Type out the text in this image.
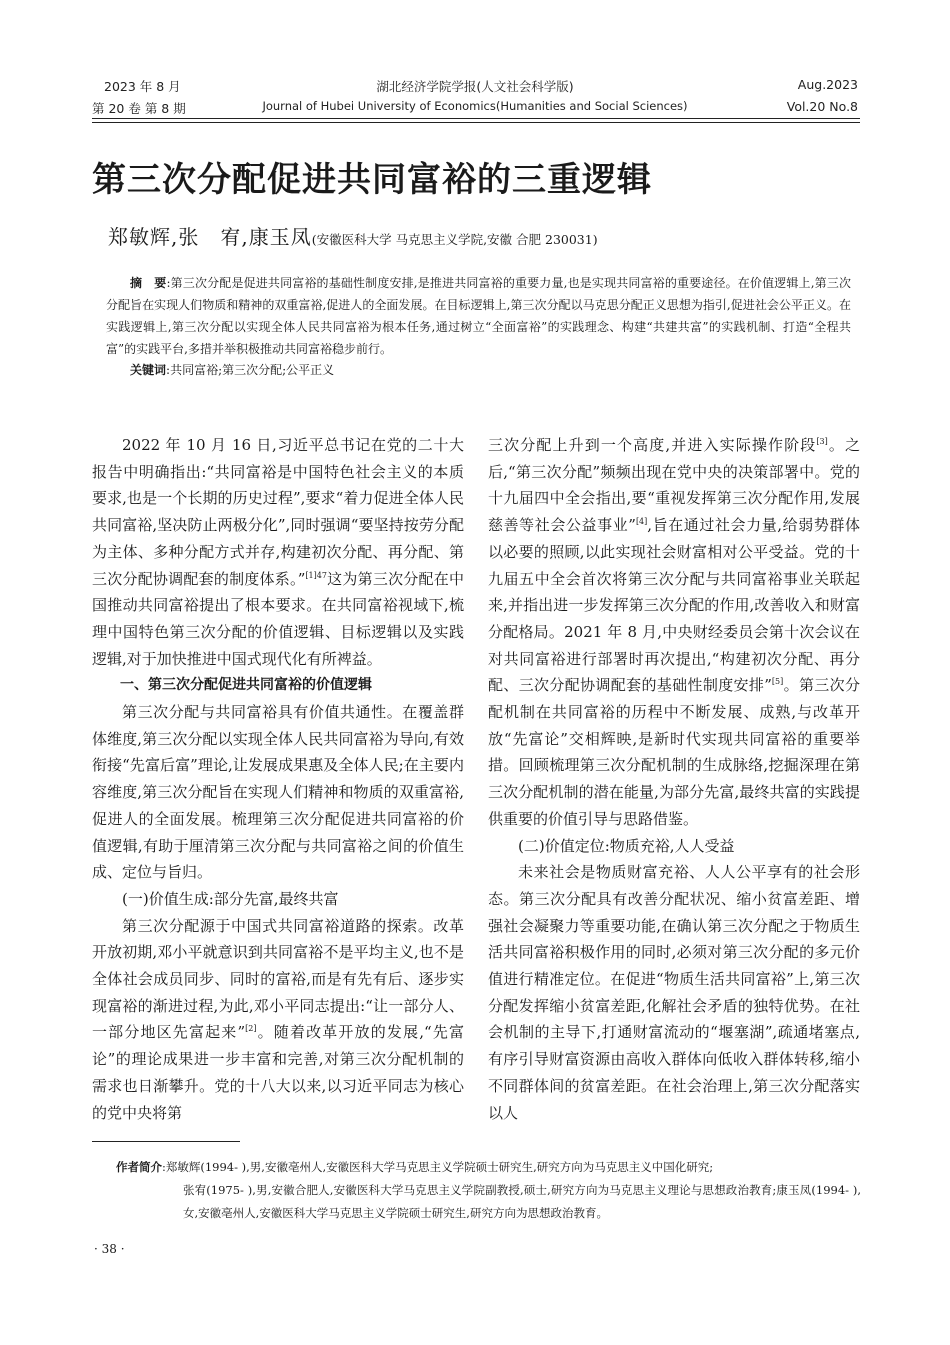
2023 年 8 月	湖北经济学院学报(人文社会科学版)	Aug.2023
第 20 卷 第 8 期	Journal of Hubei University of Economics(Humanities and Social Sciences)	Vol.20 No.8
第三次分配促进共同富裕的三重逻辑
郑敏辉,张　宥,康玉凤(安徽医科大学 马克思主义学院,安徽 合肥 230031)
摘　要:第三次分配是促进共同富裕的基础性制度安排,是推进共同富裕的重要力量,也是实现共同富裕的重要途径。在价值逻辑上,第三次分配旨在实现人们物质和精神的双重富裕,促进人的全面发展。在目标逻辑上,第三次分配以马克思分配正义思想为指引,促进社会公平正义。在实践逻辑上,第三次分配以实现全体人民共同富裕为根本任务,通过树立“全面富裕”的实践理念、构建“共建共富”的实践机制、打造“全程共富”的实践平台,多措并举积极推动共同富裕稳步前行。
关键词:共同富裕;第三次分配;公平正义

2022 年 10 月 16 日,习近平总书记在党的二十大报告中明确指出:“共同富裕是中国特色社会主义的本质要求,也是一个长期的历史过程”,要求“着力促进全体人民共同富裕,坚决防止两极分化”,同时强调“要坚持按劳分配为主体、多种分配方式并存,构建初次分配、再分配、第三次分配协调配套的制度体系。”$^{[1]47}$这为第三次分配在中国推动共同富裕提出了根本要求。在共同富裕视域下,梳理中国特色第三次分配的价值逻辑、目标逻辑以及实践逻辑,对于加快推进中国式现代化有所裨益。

一、第三次分配促进共同富裕的价值逻辑

第三次分配与共同富裕具有价值共通性。在覆盖群体维度,第三次分配以实现全体人民共同富裕为导向,有效衔接“先富后富”理论,让发展成果惠及全体人民;在主要内容维度,第三次分配旨在实现人们精神和物质的双重富裕,促进人的全面发展。梳理第三次分配促进共同富裕的价值逻辑,有助于厘清第三次分配与共同富裕之间的价值生成、定位与旨归。

(一)价值生成:部分先富,最终共富

第三次分配源于中国式共同富裕道路的探索。改革开放初期,邓小平就意识到共同富裕不是平均主义,也不是全体社会成员同步、同时的富裕,而是有先有后、逐步实现富裕的渐进过程,为此,邓小平同志提出:“让一部分人、一部分地区先富起来”[2]。随着改革开放的发展,“先富论”的理论成果进一步丰富和完善,对第三次分配机制的需求也日渐攀升。党的十八大以来,以习近平同志为核心的党中央将第

三次分配上升到一个高度,并进入实际操作阶段[3]。之后,“第三次分配”频频出现在党中央的决策部署中。党的十九届四中全会指出,要“重视发挥第三次分配作用,发展慈善等社会公益事业”[4],旨在通过社会力量,给弱势群体以必要的照顾,以此实现社会财富相对公平受益。党的十九届五中全会首次将第三次分配与共同富裕事业关联起来,并指出进一步发挥第三次分配的作用,改善收入和财富分配格局。2021 年 8 月,中央财经委员会第十次会议在对共同富裕进行部署时再次提出,“构建初次分配、再分配、三次分配协调配套的基础性制度安排”[5]。第三次分配机制在共同富裕的历程中不断发展、成熟,与改革开放“先富论”交相辉映,是新时代实现共同富裕的重要举措。回顾梳理第三次分配机制的生成脉络,挖掘深理在第三次分配机制的潜在能量,为部分先富,最终共富的实践提供重要的价值引导与思路借鉴。

(二)价值定位:物质充裕,人人受益

未来社会是物质财富充裕、人人公平享有的社会形态。第三次分配具有改善分配状况、缩小贫富差距、增强社会凝聚力等重要功能,在确认第三次分配之于物质生活共同富裕积极作用的同时,必须对第三次分配的多元价值进行精准定位。在促进“物质生活共同富裕”上,第三次分配发挥缩小贫富差距,化解社会矛盾的独特优势。在社会机制的主导下,打通财富流动的“堰塞湖”,疏通堵塞点,有序引导财富资源由高收入群体向低收入群体转移,缩小不同群体间的贫富差距。在社会治理上,第三次分配落实以人

作者简介:郑敏辉(1994- ),男,安徽亳州人,安徽医科大学马克思主义学院硕士研究生,研究方向为马克思主义中国化研究;
张宥(1975- ),男,安徽合肥人,安徽医科大学马克思主义学院副教授,硕士,研究方向为马克思主义理论与思想政治教育;康玉凤(1994- ),女,安徽亳州人,安徽医科大学马克思主义学院硕士研究生,研究方向为思想政治教育。
· 38 ·
